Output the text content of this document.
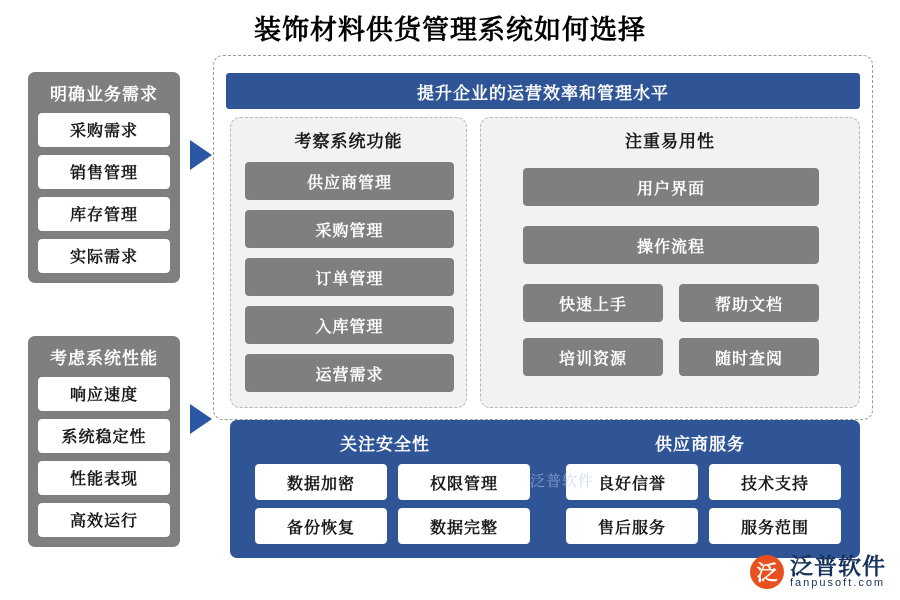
装饰材料供货管理系统如何选择
明确业务需求
采购需求
销售管理
库存管理
实际需求
考虑系统性能
响应速度
系统稳定性
性能表现
高效运行
提升企业的运营效率和管理水平
考察系统功能
供应商管理
采购管理
订单管理
入库管理
运营需求
注重易用性
用户界面
操作流程
快速上手	帮助文档
培训资源	随时查阅
关注安全性	供应商服务
数据加密	权限管理
备份恢复	数据完整
良好信誉	技术支持
售后服务	服务范围
泛普软件
泛 泛普软件
fanpusoft.com
